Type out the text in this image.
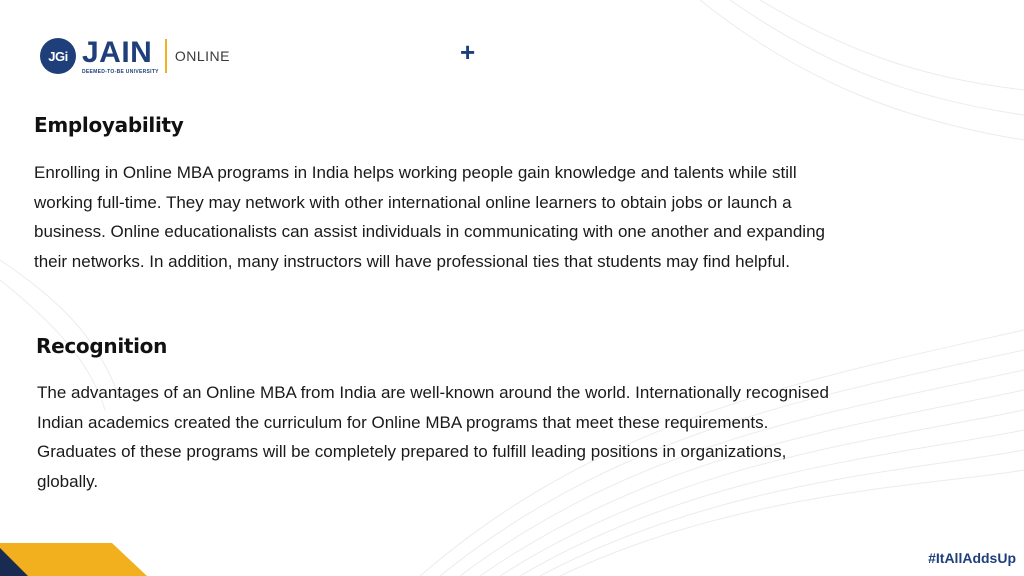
JGi JAIN
DEEMED-TO-BE UNIVERSITY
ONLINE	+
Employability
Enrolling in Online MBA programs in India helps working people gain knowledge and talents while still
working full-time. They may network with other international online learners to obtain jobs or launch a
business. Online educationalists can assist individuals in communicating with one another and expanding
their networks. In addition, many instructors will have professional ties that students may find helpful.
Recognition
The advantages of an Online MBA from India are well-known around the world. Internationally recognised
Indian academics created the curriculum for Online MBA programs that meet these requirements.
Graduates of these programs will be completely prepared to fulfill leading positions in organizations,
globally.
#ItAllAddsUp
